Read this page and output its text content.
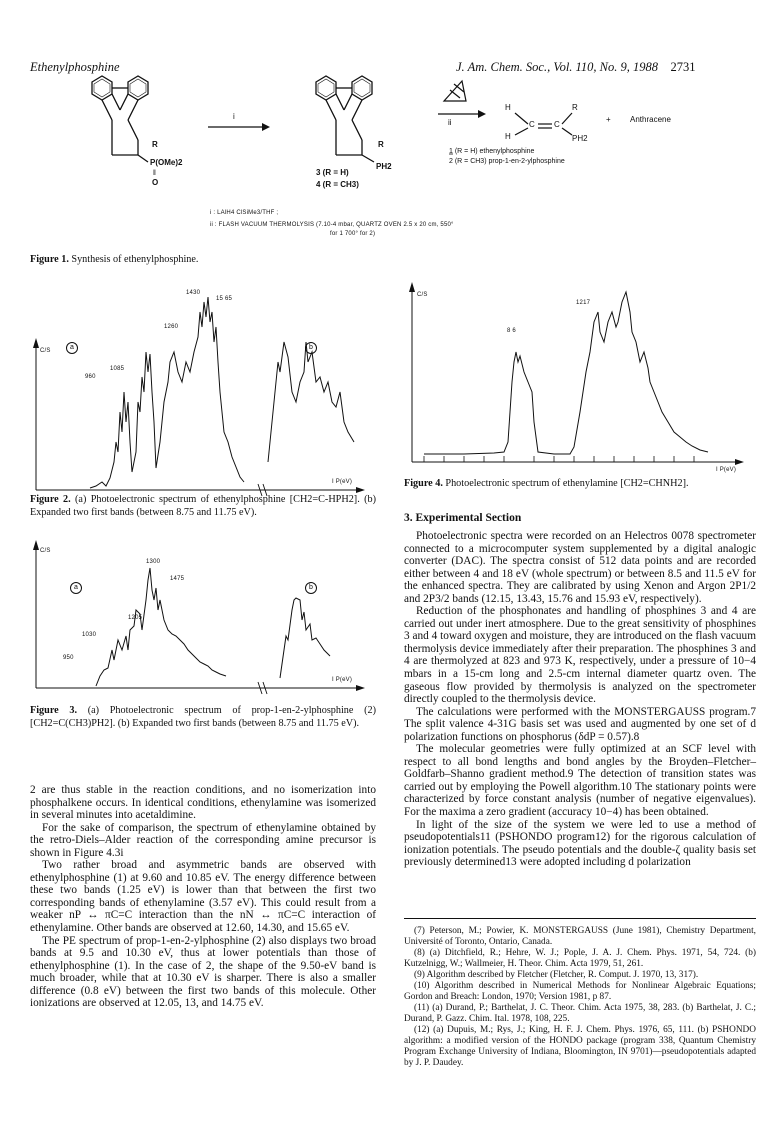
Ethenylphosphine	J. Am. Chem. Soc., Vol. 110, No. 9, 1988 2731
R
P(OMe)2
‖
O
i
R
PH2
3 (R = H)
4 (R = CH3)
ii
H
H
C C
R
PH2
+ Anthracene
1 (R = H) ethenylphosphine
2 (R = CH3) prop-1-en-2-ylphosphine
i : LAlH4 ClSiMe3/THF ;
ii : FLASH VACUUM THERMOLYSIS (7.10-4 mbar, QUARTZ OVEN 2.5 x 20 cm, 550°
for 1 700° for 2)
Figure 1. Synthesis of ethenylphosphine.
C/S
I P(eV)
a	b
1430
15 65
1260
1085
960
Figure 2. (a) Photoelectronic spectrum of ethenylphosphine [CH2=C-HPH2]. (b) Expanded two first bands (between 8.75 and 11.75 eV).
C/S
I P(eV)
a	b
1300
1475
1205
1030
950
Figure 3. (a) Photoelectronic spectrum of prop-1-en-2-ylphosphine (2) [CH2=C(CH3)PH2]. (b) Expanded two first bands (between 8.75 and 11.75 eV).

2 are thus stable in the reaction conditions, and no isomerization into phosphalkene occurs. In identical conditions, ethenylamine was isomerized in several minutes into acetaldimine.

For the sake of comparison, the spectrum of ethenylamine obtained by the retro-Diels–Alder reaction of the corresponding amine precursor is shown in Figure 4.3i

Two rather broad and asymmetric bands are observed with ethenylphosphine (1) at 9.60 and 10.85 eV. The energy difference between these two bands (1.25 eV) is lower than that between the first two corresponding bands of ethenylamine (3.57 eV). This could result from a weaker nP ↔ πC=C interaction than the nN ↔ πC=C interaction of ethenylamine. Other bands are observed at 12.60, 14.30, and 15.65 eV.

The PE spectrum of prop-1-en-2-ylphosphine (2) also displays two broad bands at 9.5 and 10.30 eV, thus at lower potentials than those of ethenylphosphine (1). In the case of 2, the shape of the 9.50-eV band is much broader, while that at 10.30 eV is sharper. There is also a smaller difference (0.8 eV) between the first two bands of this molecule. Other ionizations are observed at 12.05, 13, and 14.75 eV.

C/S
I P(eV)
1217
8 6
Figure 4. Photoelectronic spectrum of ethenylamine [CH2=CHNH2].
3. Experimental Section

Photoelectronic spectra were recorded on an Helectros 0078 spectrometer connected to a microcomputer system supplemented by a digital analogic converter (DAC). The spectra consist of 512 data points and are recorded either between 4 and 18 eV (whole spectrum) or between 8.5 and 11.5 eV for the enhanced spectra. They are calibrated by using Xenon and Argon 2P1/2 and 2P3/2 bands (12.15, 13.43, 15.76 and 15.93 eV, respectively).

Reduction of the phosphonates and handling of phosphines 3 and 4 are carried out under inert atmosphere. Due to the great sensitivity of phosphines 3 and 4 toward oxygen and moisture, they are introduced on the flash vacuum thermolysis device immediately after their preparation. The phosphines 3 and 4 are thermolyzed at 823 and 973 K, respectively, under a pressure of 10−4 mbars in a 15-cm long and 2.5-cm internal diameter quartz oven. The gaseous flow provided by thermolysis is analyzed on the spectrometer directly coupled to the thermolysis device.

The calculations were performed with the MONSTERGAUSS program.7 The split valence 4-31G basis set was used and augmented by one set of d polarization functions on phosphorus (δdP = 0.57).8

The molecular geometries were fully optimized at an SCF level with respect to all bond lengths and bond angles by the Broyden–Fletcher–Goldfarb–Shanno gradient method.9 The detection of transition states was carried out by employing the Powell algorithm.10 The stationary points were characterized by force constant analysis (number of negative eigenvalues). For the maxima a zero gradient (accuracy 10−4) has been obtained.

In light of the size of the system we were led to use a method of pseudopotentials11 (PSHONDO program12) for the rigorous calculation of ionization potentials. The pseudo potentials and the double-ζ quality basis set previously determined13 were adopted including d polarization

(7) Peterson, M.; Powier, K. MONSTERGAUSS (June 1981), Chemistry Department, Université of Toronto, Ontario, Canada.

(8) (a) Ditchfield, R.; Hehre, W. J.; Pople, J. A. J. Chem. Phys. 1971, 54, 724. (b) Kutzelnigg, W.; Wallmeier, H. Theor. Chim. Acta 1979, 51, 261.

(9) Algorithm described by Fletcher (Fletcher, R. Comput. J. 1970, 13, 317).

(10) Algorithm described in Numerical Methods for Nonlinear Algebraic Equations; Gordon and Breach: London, 1970; Version 1981, p 87.

(11) (a) Durand, P.; Barthelat, J. C. Theor. Chim. Acta 1975, 38, 283. (b) Barthelat, J. C.; Durand, P. Gazz. Chim. Ital. 1978, 108, 225.

(12) (a) Dupuis, M.; Rys, J.; King, H. F. J. Chem. Phys. 1976, 65, 111. (b) PSHONDO algorithm: a modified version of the HONDO package (program 338, Quantum Chemistry Program Exchange University of Indiana, Bloomington, IN 9701)—pseudopotentials adapted by J. P. Daudey.
